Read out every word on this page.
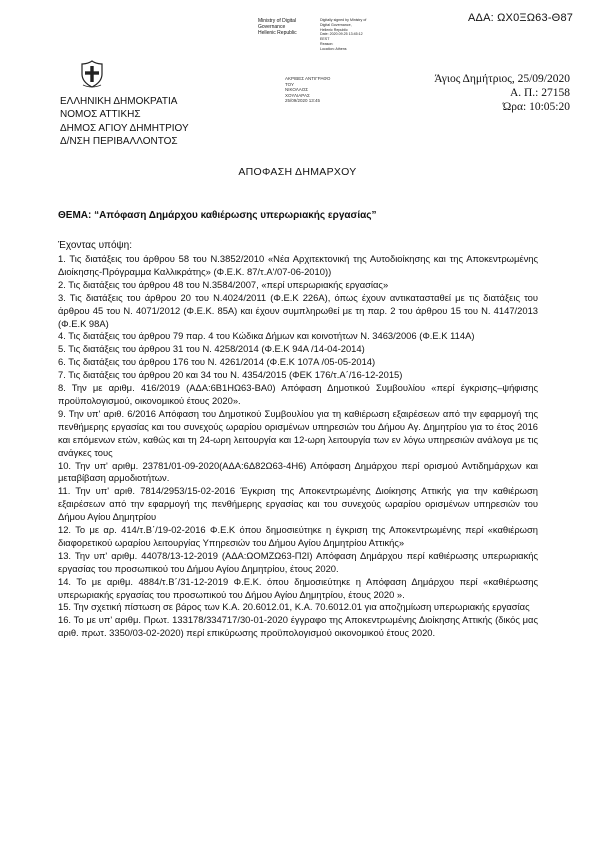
ΑΔΑ: ΩΧ0ΞΩ63-Θ87
Ministry of Digital
Governance
Hellenic Republic
Digitally signed by Ministry of
Digital Governance,
Hellenic Republic
Date: 2020.09.25 13:45:12
EEST
Reason:
Location: Athens
ΑΚΡΙΒΕΣ ΑΝΤΙΓΡΑΦΟ
ΤΟΥ
ΝΙΚΟΛΑΟΣ
ΧΟΥΛΙΑΡΑΣ
25/09/2020 13:45
Άγιος Δημήτριος, 25/09/2020
Α. Π.: 27158
Ώρα: 10:05:20
ΕΛΛΗΝΙΚΗ ΔΗΜΟΚΡΑΤΙΑ
ΝΟΜΟΣ ΑΤΤΙΚΗΣ
ΔΗΜΟΣ ΑΓΙΟΥ ΔΗΜΗΤΡΙΟΥ
Δ/ΝΣΗ ΠΕΡΙΒΑΛΛΟΝΤΟΣ
ΑΠΟΦΑΣΗ ΔΗΜΑΡΧΟΥ
ΘΕΜΑ: “Απόφαση Δημάρχου καθιέρωσης υπερωριακής εργασίας”
Έχοντας υπόψη:
1. Τις διατάξεις του άρθρου 58 του Ν.3852/2010 «Νέα Αρχιτεκτονική της Αυτοδιοίκησης και της Αποκεντρωμένης Διοίκησης-Πρόγραμμα Καλλικράτης» (Φ.Ε.Κ. 87/τ.Α'/07-06-2010))
2. Τις διατάξεις του άρθρου 48 του Ν.3584/2007, «περί υπερωριακής εργασίας»
3. Τις διατάξεις του άρθρου 20 του Ν.4024/2011 (Φ.Ε.Κ 226Α), όπως έχουν αντικατασταθεί με τις διατάξεις του άρθρου 45 του Ν. 4071/2012 (Φ.Ε.Κ. 85Α) και έχουν συμπληρωθεί με τη παρ. 2 του άρθρου 15 του Ν. 4147/2013 (Φ.Ε.Κ 98Α)
4. Τις διατάξεις του άρθρου 79 παρ. 4 του Κώδικα Δήμων και κοινοτήτων Ν. 3463/2006 (Φ.Ε.Κ 114Α)
5. Τις διατάξεις του άρθρου 31 του Ν. 4258/2014 (Φ.Ε.Κ 94Α /14-04-2014)
6. Τις διατάξεις του άρθρου 176 του Ν. 4261/2014 (Φ.Ε.Κ 107Α /05-05-2014)
7. Τις διατάξεις του άρθρου 20 και 34 του Ν. 4354/2015 (ΦΕΚ 176/τ.Α΄/16-12-2015)
8. Την με αριθμ. 416/2019 (ΑΔΑ:6Β1ΗΩ63-ΒΑ0) Απόφαση Δημοτικού Συμβουλίου «περί έγκρισης–ψήφισης προϋπολογισμού, οικονομικού έτους 2020».
9. Την υπ' αριθ. 6/2016 Απόφαση του Δημοτικού Συμβουλίου για τη καθιέρωση εξαιρέσεων από την εφαρμογή της πενθήμερης εργασίας και του συνεχούς ωραρίου ορισμένων υπηρεσιών του Δήμου Αγ. Δημητρίου για το έτος 2016 και επόμενων ετών, καθώς και τη 24-ωρη λειτουργία και 12-ωρη λειτουργία των εν λόγω υπηρεσιών ανάλογα με τις ανάγκες τους
10. Την υπ' αριθμ. 23781/01-09-2020(ΑΔΑ:6Δ82Ω63-4Η6) Απόφαση Δημάρχου περί ορισμού Αντιδημάρχων και μεταβίβαση αρμοδιοτήτων.
11. Την υπ' αριθ. 7814/2953/15-02-2016 Έγκριση της Αποκεντρωμένης Διοίκησης Αττικής για την καθιέρωση εξαιρέσεων από την εφαρμογή της πενθήμερης εργασίας και του συνεχούς ωραρίου ορισμένων υπηρεσιών του Δήμου Αγίου Δημητρίου
12. Το με αρ. 414/τ.Β΄/19-02-2016 Φ.Ε.Κ όπου δημοσιεύτηκε η έγκριση της Αποκεντρωμένης περί «καθιέρωση διαφορετικού ωραρίου λειτουργίας Υπηρεσιών του Δήμου Αγίου Δημητρίου Αττικής»
13. Την υπ' αριθμ. 44078/13-12-2019 (ΑΔΑ:ΩΟΜΖΩ63-Π2Ι) Απόφαση Δημάρχου περί καθιέρωσης υπερωριακής εργασίας του προσωπικού του Δήμου Αγίου Δημητρίου, έτους 2020.
14. Το με αριθμ. 4884/τ.Β΄/31-12-2019 Φ.Ε.Κ. όπου δημοσιεύτηκε η Απόφαση Δημάρχου περί «καθιέρωσης υπερωριακής εργασίας του προσωπικού του Δήμου Αγίου Δημητρίου, έτους 2020 ».
15. Την σχετική πίστωση σε βάρος των Κ.Α. 20.6012.01, Κ.Α. 70.6012.01 για αποζημίωση υπερωριακής εργασίας
16. Το με υπ' αριθμ. Πρωτ. 133178/334717/30-01-2020 έγγραφο της Αποκεντρωμένης Διοίκησης Αττικής (δικός μας αριθ. πρωτ. 3350/03-02-2020) περί επικύρωσης προϋπολογισμού οικονομικού έτους 2020.
